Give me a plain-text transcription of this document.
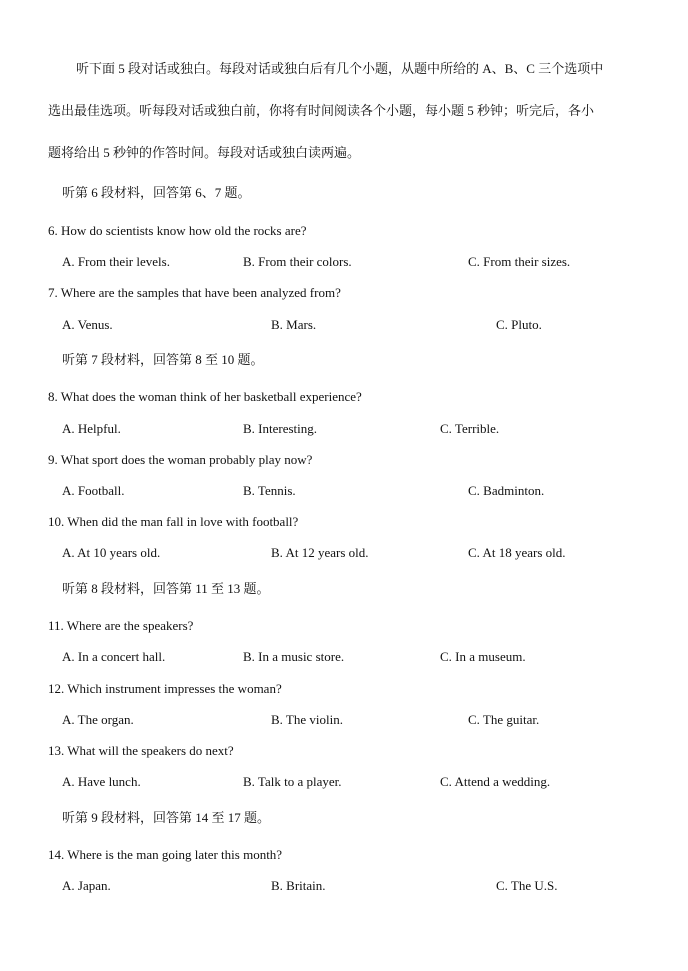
听下面 5 段对话或独白。每段对话或独白后有几个小题，从题中所给的 A、B、C 三个选项中
选出最佳选项。听每段对话或独白前，你将有时间阅读各个小题，每小题 5 秒钟；听完后，各小
题将给出 5 秒钟的作答时间。每段对话或独白读两遍。
听第 6 段材料，回答第 6、7 题。
6. How do scientists know how old the rocks are?
A. From their levels.	B. From their colors.	C. From their sizes.
7. Where are the samples that have been analyzed from?
A. Venus.	B. Mars.	C. Pluto.
听第 7 段材料，回答第 8 至 10 题。
8. What does the woman think of her basketball experience?
A. Helpful.	B. Interesting.	C. Terrible.
9. What sport does the woman probably play now?
A. Football.	B. Tennis.	C. Badminton.
10. When did the man fall in love with football?
A. At 10 years old.	B. At 12 years old.	C. At 18 years old.
听第 8 段材料，回答第 11 至 13 题。
11. Where are the speakers?
A. In a concert hall.	B. In a music store.	C. In a museum.
12. Which instrument impresses the woman?
A. The organ.	B. The violin.	C. The guitar.
13. What will the speakers do next?
A. Have lunch.	B. Talk to a player.	C. Attend a wedding.
听第 9 段材料，回答第 14 至 17 题。
14. Where is the man going later this month?
A. Japan.	B. Britain.	C. The U.S.
